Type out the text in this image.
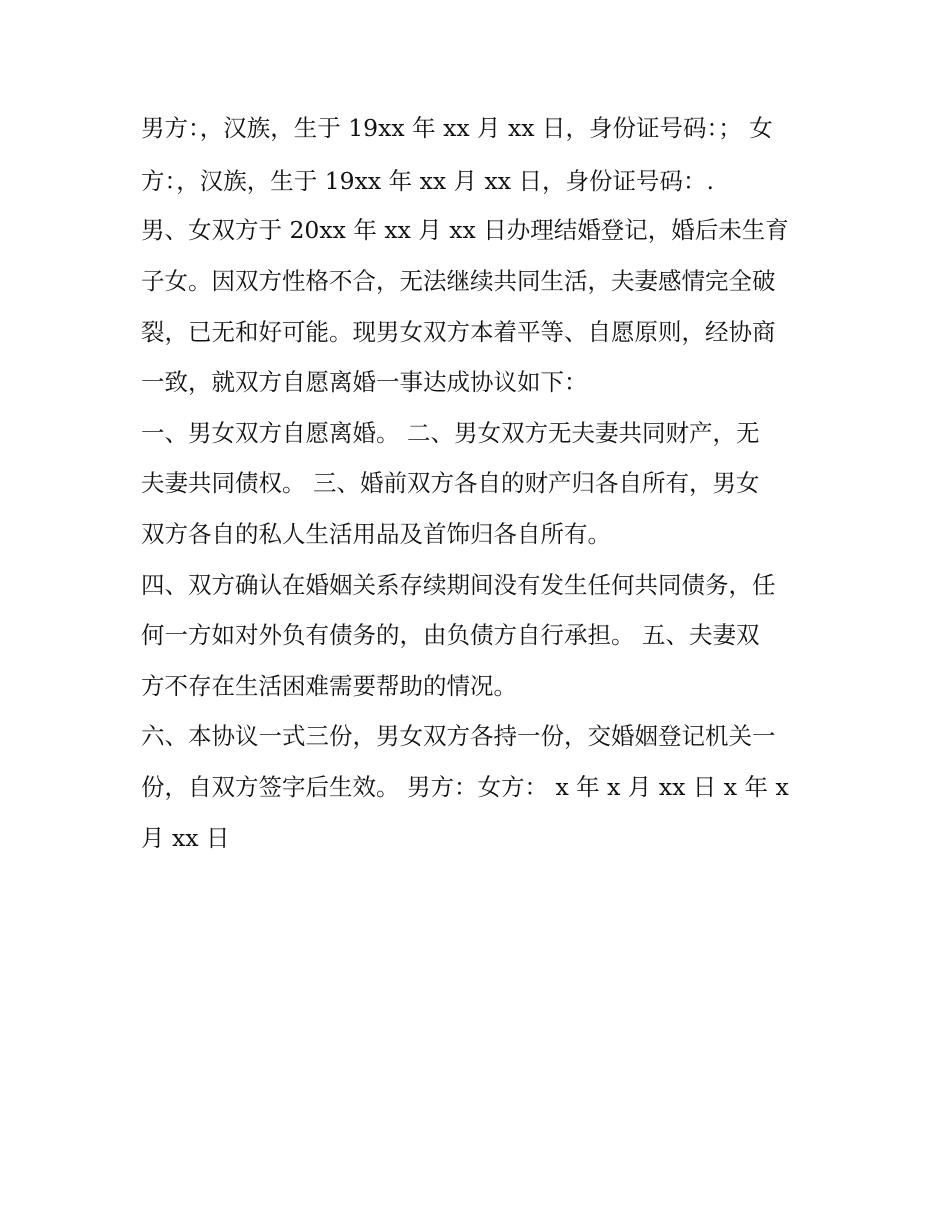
男方：，汉族，生于 19xx 年 xx 月 xx 日，身份证号码：； 女
方：，汉族，生于 19xx 年 xx 月 xx 日，身份证号码：.
男、女双方于 20xx 年 xx 月 xx 日办理结婚登记，婚后未生育
子女。因双方性格不合，无法继续共同生活，夫妻感情完全破
裂，已无和好可能。现男女双方本着平等、自愿原则，经协商
一致，就双方自愿离婚一事达成协议如下：
一、男女双方自愿离婚。 二、男女双方无夫妻共同财产，无
夫妻共同债权。 三、婚前双方各自的财产归各自所有，男女
双方各自的私人生活用品及首饰归各自所有。
四、双方确认在婚姻关系存续期间没有发生任何共同债务，任
何一方如对外负有债务的，由负债方自行承担。 五、夫妻双
方不存在生活困难需要帮助的情况。
六、本协议一式三份，男女双方各持一份，交婚姻登记机关一
份，自双方签字后生效。 男方：女方： x 年 x 月 xx 日 x 年 x
月 xx 日
